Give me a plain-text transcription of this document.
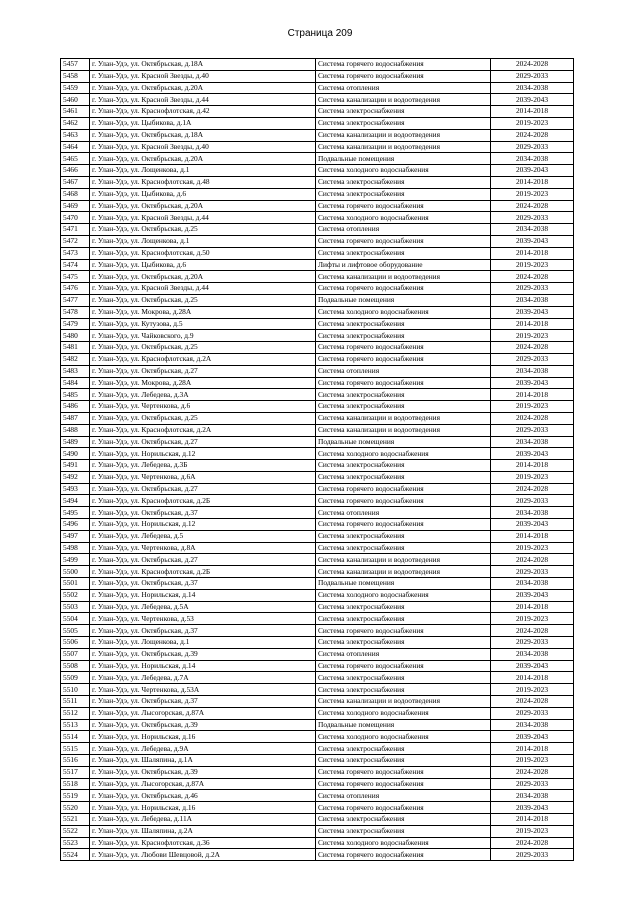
Страница 209
5457	г. Улан-Удэ, ул. Октябрьская, д.18А	Система горячего водоснабжения	2024-2028
5458	г. Улан-Удэ, ул. Красной Звезды, д.40	Система горячего водоснабжения	2029-2033
5459	г. Улан-Удэ, ул. Октябрьская, д.20А	Система отопления	2034-2038
5460	г. Улан-Удэ, ул. Красной Звезды, д.44	Система канализации и водоотведения	2039-2043
5461	г. Улан-Удэ, ул. Краснофлотская, д.42	Система электроснабжения	2014-2018
5462	г. Улан-Удэ, ул. Цыбикова, д.1А	Система электроснабжения	2019-2023
5463	г. Улан-Удэ, ул. Октябрьская, д.18А	Система канализации и водоотведения	2024-2028
5464	г. Улан-Удэ, ул. Красной Звезды, д.40	Система канализации и водоотведения	2029-2033
5465	г. Улан-Удэ, ул. Октябрьская, д.20А	Подвальные помещения	2034-2038
5466	г. Улан-Удэ, ул. Лощенкова, д.1	Система холодного водоснабжения	2039-2043
5467	г. Улан-Удэ, ул. Краснофлотская, д.48	Система электроснабжения	2014-2018
5468	г. Улан-Удэ, ул. Цыбикова, д.6	Система электроснабжения	2019-2023
5469	г. Улан-Удэ, ул. Октябрьская, д.20А	Система горячего водоснабжения	2024-2028
5470	г. Улан-Удэ, ул. Красной Звезды, д.44	Система холодного водоснабжения	2029-2033
5471	г. Улан-Удэ, ул. Октябрьская, д.25	Система отопления	2034-2038
5472	г. Улан-Удэ, ул. Лощенкова, д.1	Система горячего водоснабжения	2039-2043
5473	г. Улан-Удэ, ул. Краснофлотская, д.50	Система электроснабжения	2014-2018
5474	г. Улан-Удэ, ул. Цыбикова, д.6	Лифты и лифтовое оборудование	2019-2023
5475	г. Улан-Удэ, ул. Октябрьская, д.20А	Система канализации и водоотведения	2024-2028
5476	г. Улан-Удэ, ул. Красной Звезды, д.44	Система горячего водоснабжения	2029-2033
5477	г. Улан-Удэ, ул. Октябрьская, д.25	Подвальные помещения	2034-2038
5478	г. Улан-Удэ, ул. Мокрова, д.28А	Система холодного водоснабжения	2039-2043
5479	г. Улан-Удэ, ул. Кутузова, д.5	Система электроснабжения	2014-2018
5480	г. Улан-Удэ, ул. Чайковского, д.9	Система электроснабжения	2019-2023
5481	г. Улан-Удэ, ул. Октябрьская, д.25	Система горячего водоснабжения	2024-2028
5482	г. Улан-Удэ, ул. Краснофлотская, д.2А	Система горячего водоснабжения	2029-2033
5483	г. Улан-Удэ, ул. Октябрьская, д.27	Система отопления	2034-2038
5484	г. Улан-Удэ, ул. Мокрова, д.28А	Система горячего водоснабжения	2039-2043
5485	г. Улан-Удэ, ул. Лебедева, д.3А	Система электроснабжения	2014-2018
5486	г. Улан-Удэ, ул. Чертенкова, д.6	Система электроснабжения	2019-2023
5487	г. Улан-Удэ, ул. Октябрьская, д.25	Система канализации и водоотведения	2024-2028
5488	г. Улан-Удэ, ул. Краснофлотская, д.2А	Система канализации и водоотведения	2029-2033
5489	г. Улан-Удэ, ул. Октябрьская, д.27	Подвальные помещения	2034-2038
5490	г. Улан-Удэ, ул. Норильская, д.12	Система холодного водоснабжения	2039-2043
5491	г. Улан-Удэ, ул. Лебедева, д.3Б	Система электроснабжения	2014-2018
5492	г. Улан-Удэ, ул. Чертенкова, д.6А	Система электроснабжения	2019-2023
5493	г. Улан-Удэ, ул. Октябрьская, д.27	Система горячего водоснабжения	2024-2028
5494	г. Улан-Удэ, ул. Краснофлотская, д.2Б	Система горячего водоснабжения	2029-2033
5495	г. Улан-Удэ, ул. Октябрьская, д.37	Система отопления	2034-2038
5496	г. Улан-Удэ, ул. Норильская, д.12	Система горячего водоснабжения	2039-2043
5497	г. Улан-Удэ, ул. Лебедева, д.5	Система электроснабжения	2014-2018
5498	г. Улан-Удэ, ул. Чертенкова, д.8А	Система электроснабжения	2019-2023
5499	г. Улан-Удэ, ул. Октябрьская, д.27	Система канализации и водоотведения	2024-2028
5500	г. Улан-Удэ, ул. Краснофлотская, д.2Б	Система канализации и водоотведения	2029-2033
5501	г. Улан-Удэ, ул. Октябрьская, д.37	Подвальные помещения	2034-2038
5502	г. Улан-Удэ, ул. Норильская, д.14	Система холодного водоснабжения	2039-2043
5503	г. Улан-Удэ, ул. Лебедева, д.5А	Система электроснабжения	2014-2018
5504	г. Улан-Удэ, ул. Чертенкова, д.53	Система электроснабжения	2019-2023
5505	г. Улан-Удэ, ул. Октябрьская, д.37	Система горячего водоснабжения	2024-2028
5506	г. Улан-Удэ, ул. Лощенкова, д.1	Система электроснабжения	2029-2033
5507	г. Улан-Удэ, ул. Октябрьская, д.39	Система отопления	2034-2038
5508	г. Улан-Удэ, ул. Норильская, д.14	Система горячего водоснабжения	2039-2043
5509	г. Улан-Удэ, ул. Лебедева, д.7А	Система электроснабжения	2014-2018
5510	г. Улан-Удэ, ул. Чертенкова, д.53А	Система электроснабжения	2019-2023
5511	г. Улан-Удэ, ул. Октябрьская, д.37	Система канализации и водоотведения	2024-2028
5512	г. Улан-Удэ, ул. Лысогорская, д.87А	Система холодного водоснабжения	2029-2033
5513	г. Улан-Удэ, ул. Октябрьская, д.39	Подвальные помещения	2034-2038
5514	г. Улан-Удэ, ул. Норильская, д.16	Система холодного водоснабжения	2039-2043
5515	г. Улан-Удэ, ул. Лебедева, д.9А	Система электроснабжения	2014-2018
5516	г. Улан-Удэ, ул. Шаляпина, д.1А	Система электроснабжения	2019-2023
5517	г. Улан-Удэ, ул. Октябрьская, д.39	Система горячего водоснабжения	2024-2028
5518	г. Улан-Удэ, ул. Лысогорская, д.87А	Система горячего водоснабжения	2029-2033
5519	г. Улан-Удэ, ул. Октябрьская, д.46	Система отопления	2034-2038
5520	г. Улан-Удэ, ул. Норильская, д.16	Система горячего водоснабжения	2039-2043
5521	г. Улан-Удэ, ул. Лебедева, д.11А	Система электроснабжения	2014-2018
5522	г. Улан-Удэ, ул. Шаляпина, д.2А	Система электроснабжения	2019-2023
5523	г. Улан-Удэ, ул. Краснофлотская, д.36	Система холодного водоснабжения	2024-2028
5524	г. Улан-Удэ, ул. Любови Шевцовой, д.2А	Система горячего водоснабжения	2029-2033
